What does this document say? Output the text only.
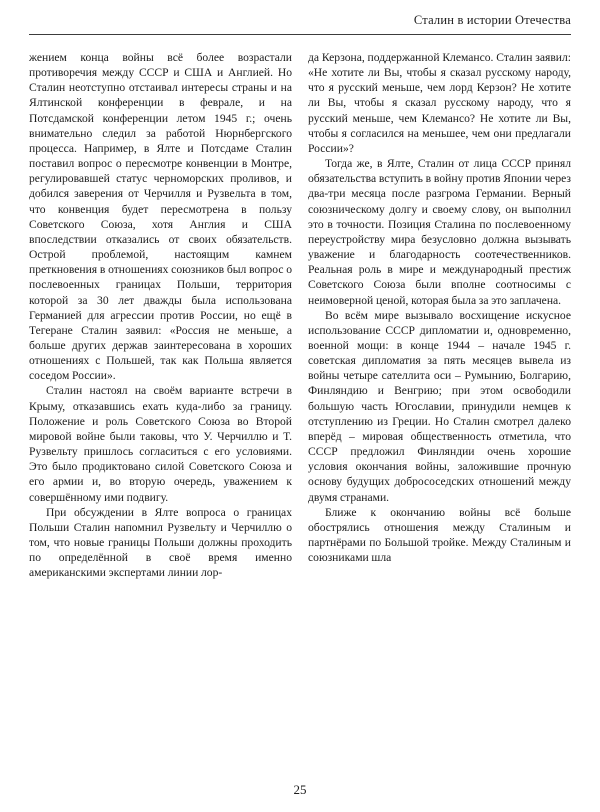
Сталин в истории Отечества

жением конца войны всё более возрастали противоречия между СССР и США и Англией. Но Сталин неотступно отстаивал интересы страны и на Ялтинской конференции в феврале, и на Потсдамской конференции летом 1945 г.; очень внимательно следил за работой Нюрнбергского процесса. Например, в Ялте и Потсдаме Сталин поставил вопрос о пересмотре конвенции в Монтре, регулировавшей статус черноморских проливов, и добился заверения от Черчилля и Рузвельта в том, что конвенция будет пересмотрена в пользу Советского Союза, хотя Англия и США впоследствии отказались от своих обязательств. Острой проблемой, настоящим камнем преткновения в отношениях союзников был вопрос о послевоенных границах Польши, территория которой за 30 лет дважды была использована Германией для агрессии против России, но ещё в Тегеране Сталин заявил: «Россия не меньше, а больше других держав заинтересована в хороших отношениях с Польшей, так как Польша является соседом России».

Сталин настоял на своём варианте встречи в Крыму, отказавшись ехать куда-либо за границу. Положение и роль Советского Союза во Второй мировой войне были таковы, что У. Черчиллю и Т. Рузвельту пришлось согласиться с его условиями. Это было продиктовано силой Советского Союза и его армии и, во вторую очередь, уважением к совершённому ими подвигу.

При обсуждении в Ялте вопроса о границах Польши Сталин напомнил Рузвельту и Черчиллю о том, что новые границы Польши должны проходить по определённой в своё время именно американскими экспертами линии лор-

да Керзона, поддержанной Клемансо. Сталин заявил: «Не хотите ли Вы, чтобы я сказал русскому народу, что я русский меньше, чем лорд Керзон? Не хотите ли Вы, чтобы я сказал русскому народу, что я русский меньше, чем Клемансо? Не хотите ли Вы, чтобы я согласился на меньшее, чем они предлагали России»?

Тогда же, в Ялте, Сталин от лица СССР принял обязательства вступить в войну против Японии через два-три месяца после разгрома Германии. Верный союзническому долгу и своему слову, он выполнил это в точности. Позиция Сталина по послевоенному переустройству мира безусловно должна вызывать уважение и благодарность соотечественников. Реальная роль в мире и международный престиж Советского Союза были вполне соотносимы с неимоверной ценой, которая была за это заплачена.

Во всём мире вызывало восхищение искусное использование СССР дипломатии и, одновременно, военной мощи: в конце 1944 – начале 1945 г. советская дипломатия за пять месяцев вывела из войны четыре сателлита оси – Румынию, Болгарию, Финляндию и Венгрию; при этом освободили большую часть Югославии, принудили немцев к отступлению из Греции. Но Сталин смотрел далеко вперёд – мировая общественность отметила, что СССР предложил Финляндии очень хорошие условия окончания войны, заложившие прочную основу будущих добрососедских отношений между двумя странами.

Ближе к окончанию войны всё больше обострялись отношения между Сталиным и партнёрами по Большой тройке. Между Сталиным и союзниками шла

25
